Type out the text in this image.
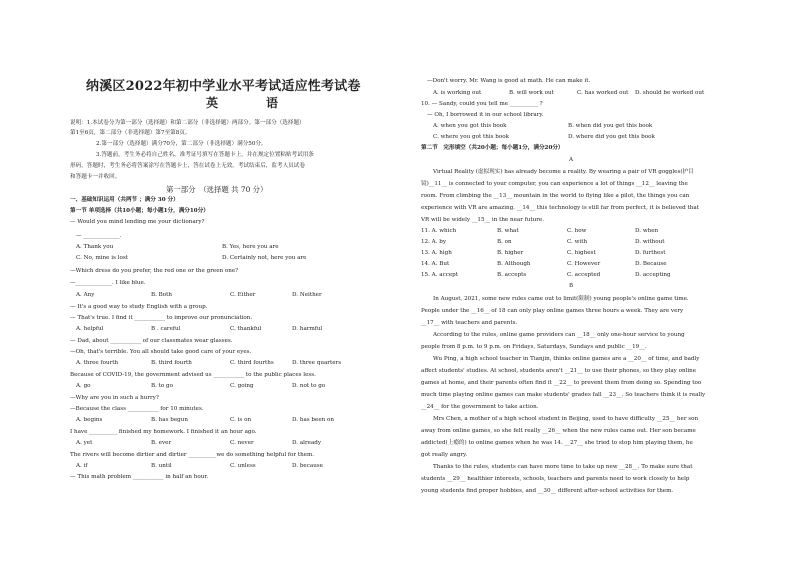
纳溪区2022年初中学业水平考试适应性考试卷
英　语
说明：1.本试卷分为第一部分（选择题）和第二部分（非选择题）两部分。第一部分（选择题）
第1至6页，第二部分（非选择题）第7至第8页。
2.第一部分（选择题）满分70分，第二部分（非选择题）满分50分。
3.答题前，考生务必将自己姓名、准考证号填写在答题卡上，并在规定位置粘贴考试用条
形码。答题时，考生务必将答案涂写在答题卡上，答在试卷上无效。考试结束后，监考人员试卷
和答题卡一并收回。
第一部分　（选择题 共 70 分）
一、基础知识运用（共两节 ；满分 30 分）
第一节 单项选择（共10小题；每小题1分，满分10分）
— Would you mind lending me your dictionary?
— _____________.
A. Thank you	B. Yes, here you are
C. No, mine is lost	D. Certainly not, here you are
—Which dress do you prefer, the red one or the green one?
—_____________. I like blue.
A. Any	B. Both	C. Either	D. Neither
— It's a good way to study English with a group.
— That's true. I find it ___________ to improve our pronunciation.
A. helpful	B . careful	C. thankful	D. harmful
— Dad, about ___________ of our classmates wear glasses.
—Oh, that's terrible. You all should take good care of your eyes.
A. three fourth	B. third fourth	C. third fourths	D. three quarters
Because of COVID-19, the government advised us ___________ to the public places less.
A. go	B. to go	C. going	D. not to go
—Why are you in such a hurry?
—Because the class ___________ for 10 minutes.
A. begins	B. has begun	C. is on	D. has been on
I have __________ finished my homework. I finished it an hour ago.
A. yet	B. ever	C. never	D. already
The rivers will become dirtier and dirtier __________we do something helpful for them.
A. if	B. until	C. unless	D. because
— This math problem ___________ in half an hour.
—Don't worry. Mr. Wang is good at math. He can make it.
A. is working out	B. will work out	C. has worked out D. should be worked out
10. — Sandy, could you tell me __________ ?
— Oh, I borrowed it in our school library.
A. when you got this book	B. when did you get this book
C. where you got this book	D. where did you get this book
第二节　完形填空（共20小题；每小题1分，满分20分）
A
Virtual Reality (虚拟现实) has already become a reality. By wearing a pair of VR goggles(护目
镜)__11__ is connected to your computer, you can experience a lot of things __12__ leaving the
room. From climbing the __13__ mountain in the world to flying like a pilot, the things you can
experience with VR are amazing. __14__ this technology is still far from perfect, it is believed that
VR will be widely __15__ in the near future.
11. A. which	B. what	C. how	D. when
12. A. by	B. on	C. with	D. without
13. A. high	B. higher	C. highest	D. furthest
14. A. But	B. Although	C. However	D. Because
15. A. accept	B. accepts	C. accepted	D. accepting
B
In August, 2021, some new rules came out to limit(限制) young people's online game time.
People under the __16__ of 18 can only play online games three hours a week. They are very
__17__ with teachers and parents.
According to the rules, online game providers can __18__ only one-hour service to young
people from 8 p.m. to 9 p.m. on Fridays, Saturdays, Sundays and public __19__.
Wu Ping, a high school teacher in Tianjin, thinks online games are a __20__ of time, and badly
affect students' studies. At school, students aren't __21__ to use their phones, so they play online
games at home, and their parents often find it __22__ to prevent them from doing so. Spending too
much time playing online games can make students' grades fall __23__. So teachers think it is really
__24__ for the government to take action.
Mrs Chen, a mother of a high school student in Beijing, used to have difficulty __25__ her son
away from online games, so she felt really __26__ when the new rules came out. Her son became
addicted(上瘾的) to online games when he was 14. __27__ she tried to stop him playing them, he
got really angry.
Thanks to the rules, students can have more time to take up new __28__. To make sure that
students __29__ healthier interests, schools, teachers and parents need to work closely to help
young students find proper hobbies, and __30__ different after-school activities for them.
